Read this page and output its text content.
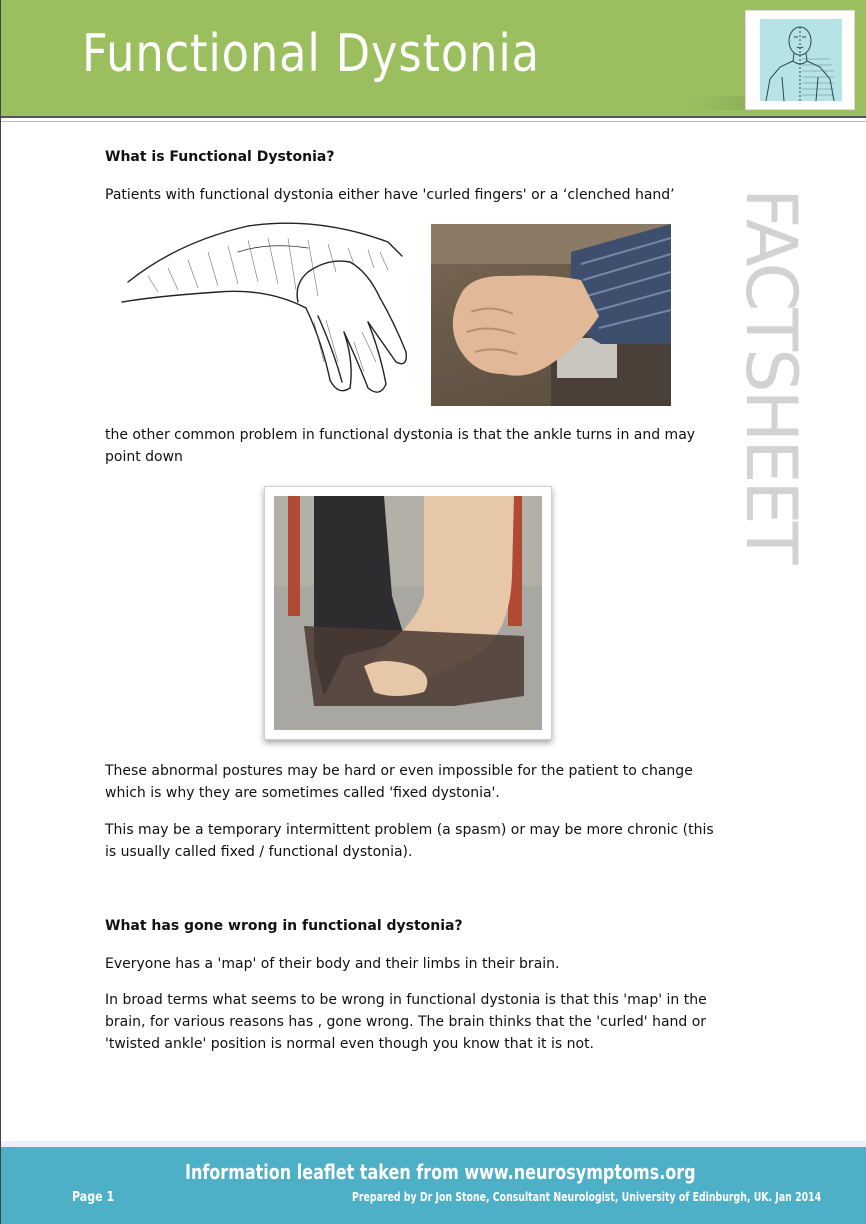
Functional Dystonia
FACTSHEET
What is Functional Dystonia?
Patients with functional dystonia either have 'curled fingers' or a ‘clenched hand’
the other common problem in functional dystonia is that the ankle turns in and may point down
These abnormal postures may be hard or even impossible for the patient to change which is why they are sometimes called 'fixed dystonia'.
This may be a temporary intermittent problem (a spasm) or may be more chronic (this is usually called fixed / functional dystonia).
What has gone wrong in functional dystonia?
Everyone has a 'map' of their body and their limbs in their brain.
In broad terms what seems to be wrong in functional dystonia is that this 'map' in the brain, for various reasons has , gone wrong. The brain thinks that the 'curled' hand or 'twisted ankle' position is normal even though you know that it is not.
Information leaflet taken from www.neurosymptoms.org
Page 1	Prepared by Dr Jon Stone, Consultant Neurologist, University of Edinburgh, UK. Jan 2014
